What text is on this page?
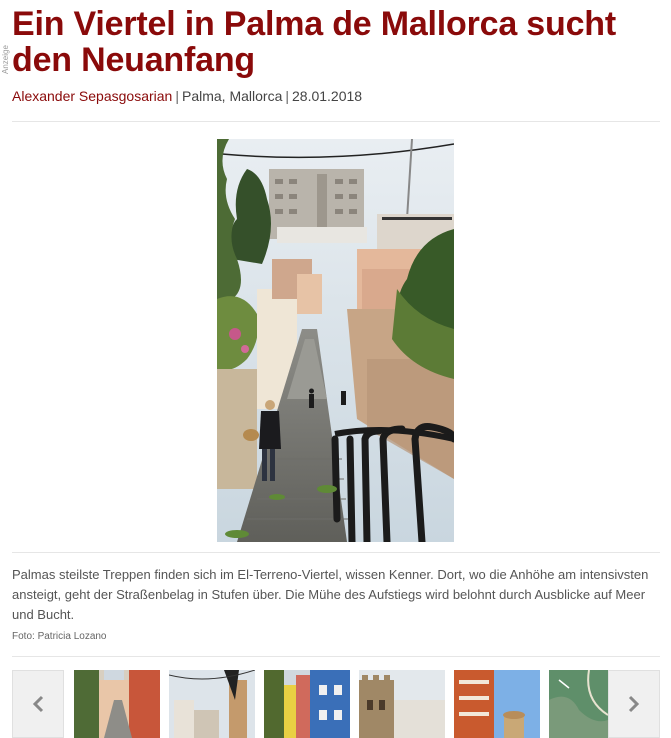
Anzeige
Ein Viertel in Palma de Mallorca sucht den Neuanfang
Alexander Sepasgosarian | Palma, Mallorca | 28.01.2018
Palmas steilste Treppen finden sich im El-Terreno-Viertel, wissen Kenner. Dort, wo die Anhöhe am intensivsten ansteigt, geht der Straßenbelag in Stufen über. Die Mühe des Aufstiegs wird belohnt durch Ausblicke auf Meer und Bucht.
Foto: Patricia Lozano
